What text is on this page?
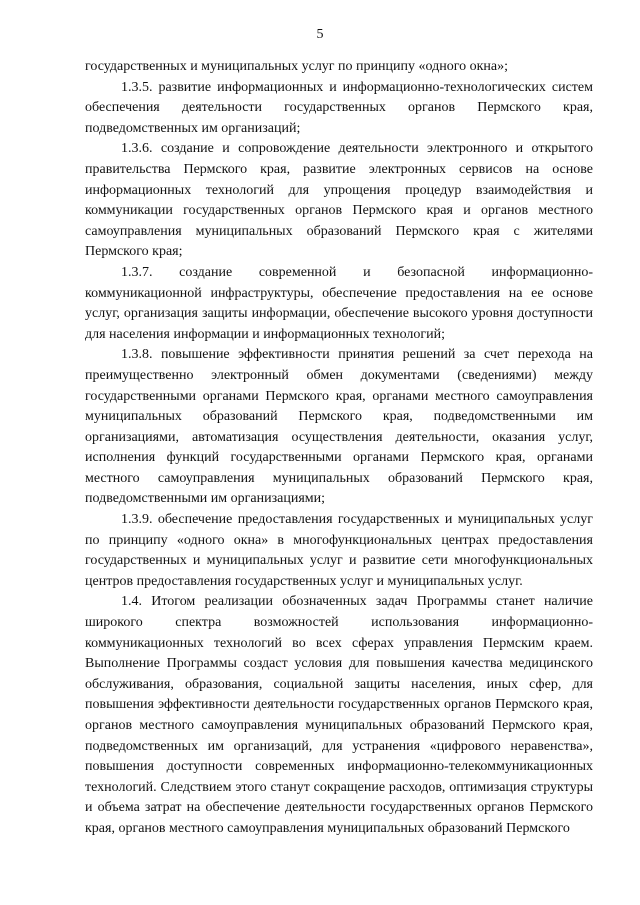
5

государственных и муниципальных услуг по принципу «одного окна»;

1.3.5. развитие информационных и информационно-технологических систем обеспечения деятельности государственных органов Пермского края, подведомственных им организаций;

1.3.6. создание и сопровождение деятельности электронного и открытого правительства Пермского края, развитие электронных сервисов на основе информационных технологий для упрощения процедур взаимодействия и коммуникации государственных органов Пермского края и органов местного самоуправления муниципальных образований Пермского края с жителями Пермского края;

1.3.7. создание современной и безопасной информационно-коммуникационной инфраструктуры, обеспечение предоставления на ее основе услуг, организация защиты информации, обеспечение высокого уровня доступности для населения информации и информационных технологий;

1.3.8. повышение эффективности принятия решений за счет перехода на преимущественно электронный обмен документами (сведениями) между государственными органами Пермского края, органами местного самоуправления муниципальных образований Пермского края, подведомственными им организациями, автоматизация осуществления деятельности, оказания услуг, исполнения функций государственными органами Пермского края, органами местного самоуправления муниципальных образований Пермского края, подведомственными им организациями;

1.3.9. обеспечение предоставления государственных и муниципальных услуг по принципу «одного окна» в многофункциональных центрах предоставления государственных и муниципальных услуг и развитие сети многофункциональных центров предоставления государственных услуг и муниципальных услуг.

1.4. Итогом реализации обозначенных задач Программы станет наличие широкого спектра возможностей использования информационно-коммуникационных технологий во всех сферах управления Пермским краем. Выполнение Программы создаст условия для повышения качества медицинского обслуживания, образования, социальной защиты населения, иных сфер, для повышения эффективности деятельности государственных органов Пермского края, органов местного самоуправления муниципальных образований Пермского края, подведомственных им организаций, для устранения «цифрового неравенства», повышения доступности современных информационно-телекоммуникационных технологий. Следствием этого станут сокращение расходов, оптимизация структуры и объема затрат на обеспечение деятельности государственных органов Пермского края, органов местного самоуправления муниципальных образований Пермского
